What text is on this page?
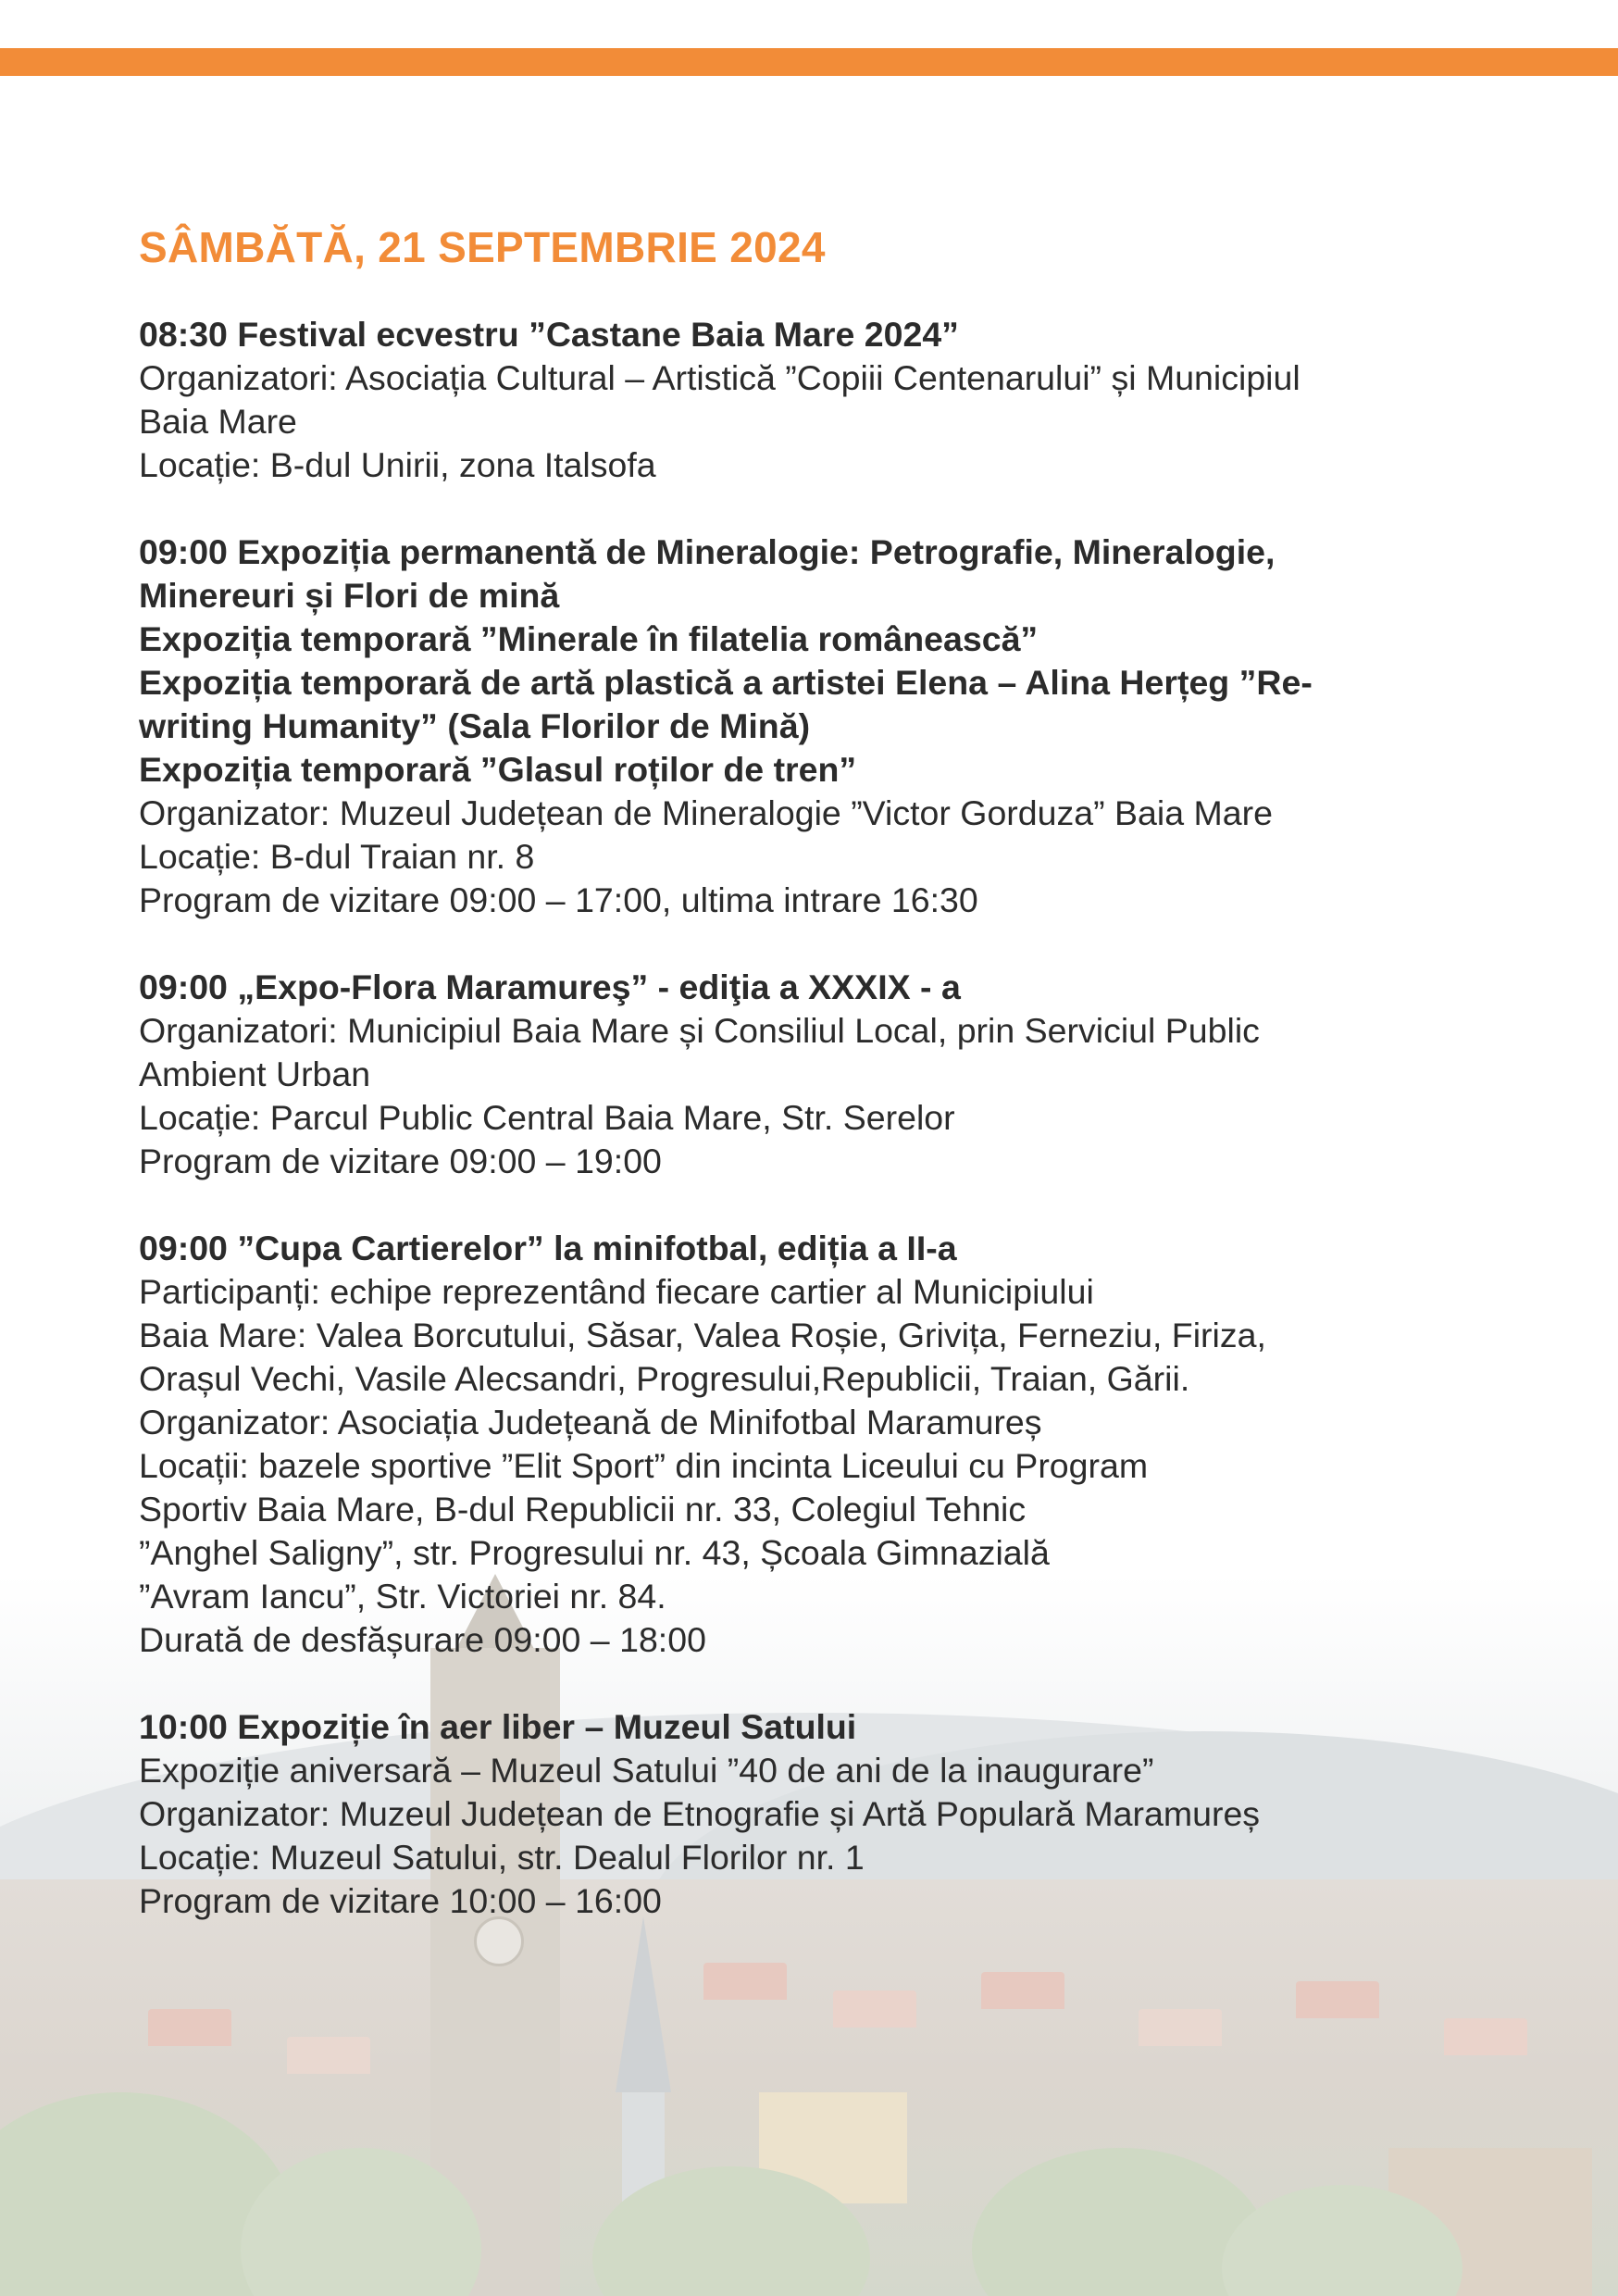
SÂMBĂTĂ, 21 SEPTEMBRIE 2024
08:30 Festival ecvestru ”Castane Baia Mare 2024”
Organizatori: Asociația Cultural – Artistică ”Copiii Centenarului” și Municipiul
Baia Mare
Locație: B-dul Unirii, zona Italsofa
09:00 Expoziția permanentă de Mineralogie: Petrografie, Mineralogie,
Minereuri și Flori de mină
Expoziția temporară ”Minerale în filatelia românească”
Expoziția temporară de artă plastică a artistei Elena – Alina Herțeg ”Re-
writing Humanity” (Sala Florilor de Mină)
Expoziția temporară ”Glasul roților de tren”
Organizator: Muzeul Județean de Mineralogie ”Victor Gorduza” Baia Mare
Locație: B-dul Traian nr. 8
Program de vizitare 09:00 – 17:00, ultima intrare 16:30
09:00 „Expo-Flora Maramureş” - ediţia a XXXIX - a
Organizatori: Municipiul Baia Mare și Consiliul Local, prin Serviciul Public
Ambient Urban
Locație: Parcul Public Central Baia Mare, Str. Serelor
Program de vizitare 09:00 – 19:00
09:00 ”Cupa Cartierelor” la minifotbal, ediția a II-a
Participanți: echipe reprezentând fiecare cartier al Municipiului
Baia Mare: Valea Borcutului, Săsar, Valea Roșie, Grivița, Ferneziu, Firiza,
Orașul Vechi, Vasile Alecsandri, Progresului,Republicii, Traian, Gării.
Organizator: Asociația Județeană de Minifotbal Maramureș
Locații: bazele sportive ”Elit Sport” din incinta Liceului cu Program
Sportiv Baia Mare, B-dul Republicii nr. 33, Colegiul Tehnic
”Anghel Saligny”, str. Progresului nr. 43, Școala Gimnazială
”Avram Iancu”, Str. Victoriei nr. 84.
Durată de desfășurare 09:00 – 18:00
10:00 Expoziție în aer liber – Muzeul Satului
Expoziție aniversară – Muzeul Satului ”40 de ani de la inaugurare”
Organizator: Muzeul Județean de Etnografie și Artă Populară Maramureș
Locație: Muzeul Satului, str. Dealul Florilor nr. 1
Program de vizitare 10:00 – 16:00
